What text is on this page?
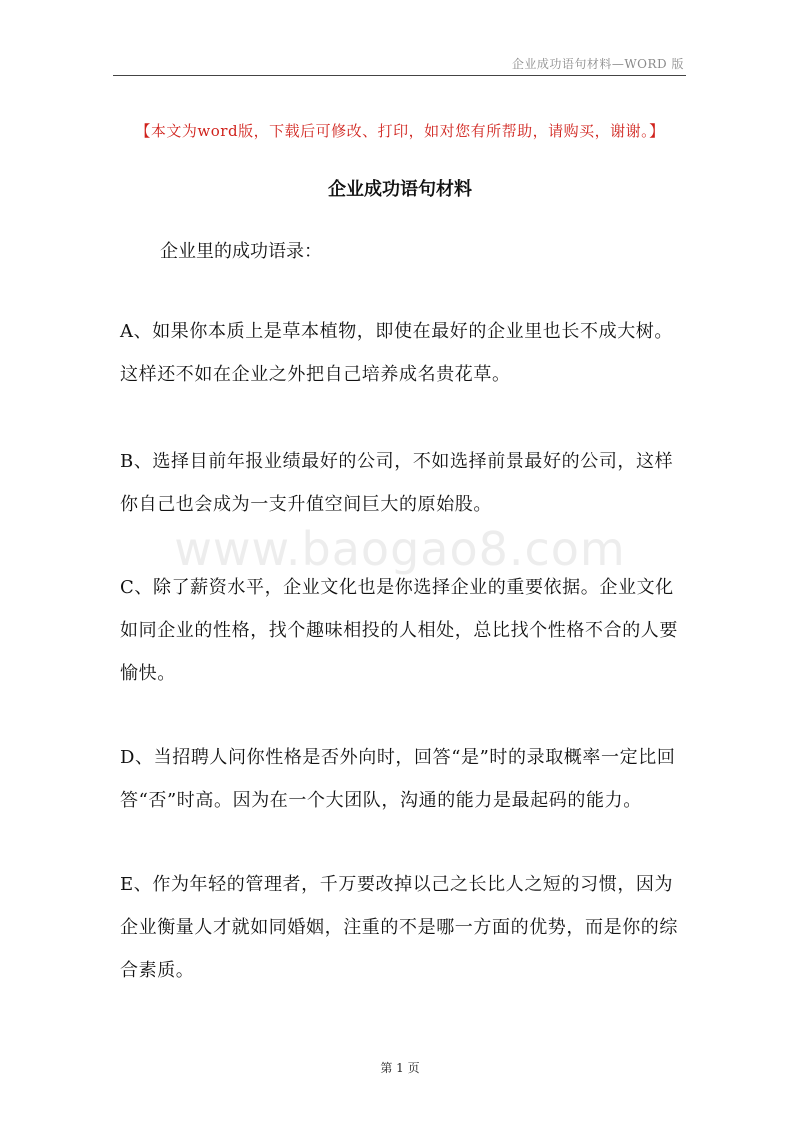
企业成功语句材料—WORD 版
【本文为word版，下载后可修改、打印，如对您有所帮助，请购买，谢谢。】
企业成功语句材料
企业里的成功语录：
A、如果你本质上是草本植物，即使在最好的企业里也长不成大树。这样还不如在企业之外把自己培养成名贵花草。
B、选择目前年报业绩最好的公司，不如选择前景最好的公司，这样你自己也会成为一支升值空间巨大的原始股。
C、除了薪资水平，企业文化也是你选择企业的重要依据。企业文化如同企业的性格，找个趣味相投的人相处，总比找个性格不合的人要愉快。
D、当招聘人问你性格是否外向时，回答“是”时的录取概率一定比回答“否”时高。因为在一个大团队，沟通的能力是最起码的能力。
E、作为年轻的管理者，千万要改掉以己之长比人之短的习惯，因为企业衡量人才就如同婚姻，注重的不是哪一方面的优势，而是你的综合素质。
www.baogao8.com
第 1 页
